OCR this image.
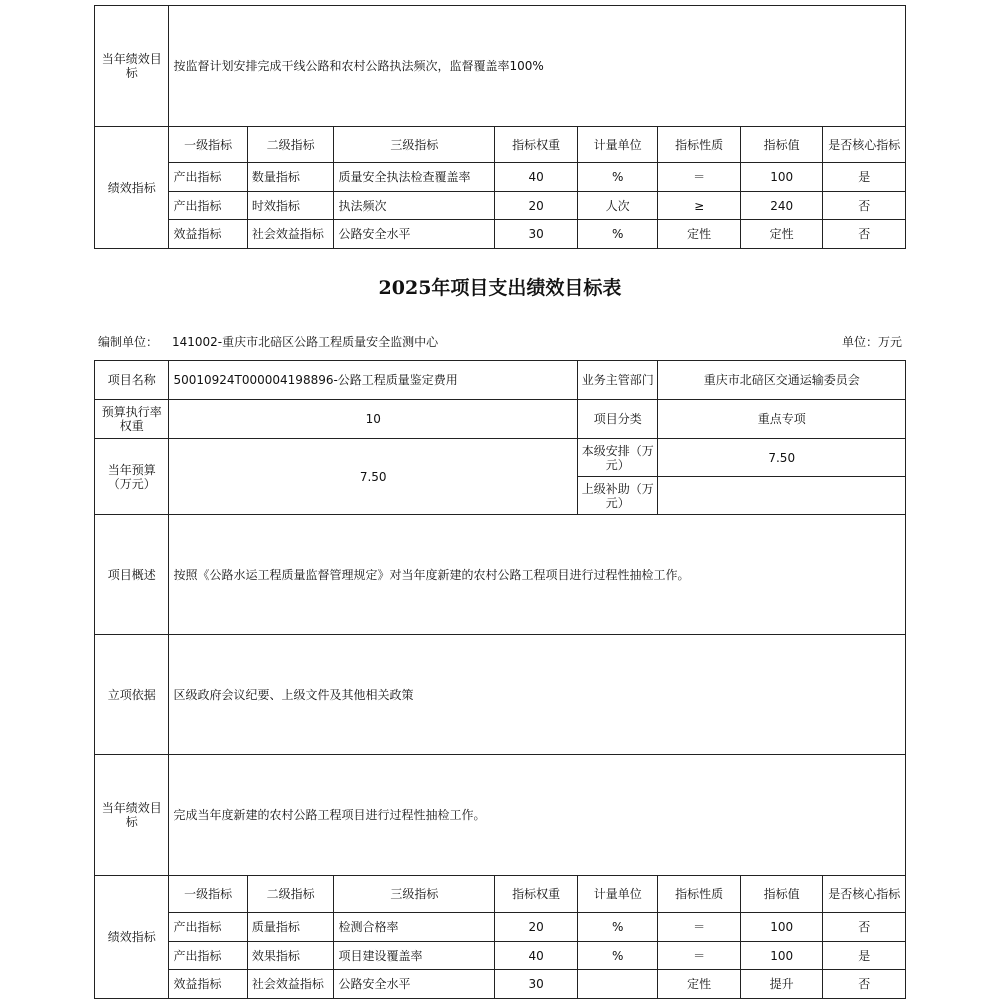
当年绩效目标	按监督计划安排完成干线公路和农村公路执法频次，监督覆盖率100%							
绩效指标	一级指标	二级指标	三级指标	指标权重	计量单位	指标性质	指标值	是否核心指标
	产出指标	数量指标	质量安全执法检查覆盖率	40	%	＝	100	是
	产出指标	时效指标	执法频次	20	人次	≥	240	否
	效益指标	社会效益指标	公路安全水平	30	%	定性	定性	否
2025年项目支出绩效目标表
编制单位： 141002-重庆市北碚区公路工程质量安全监测中心	单位：万元
项目名称	50010924T000004198896-公路工程质量鉴定费用				业务主管部门	重庆市北碚区交通运输委员会		
预算执行率权重	10				项目分类	重点专项		
当年预算（万元）	7.50				本级安排（万元）	7.50		
					上级补助（万元）			
项目概述	按照《公路水运工程质量监督管理规定》对当年度新建的农村公路工程项目进行过程性抽检工作。							
立项依据	区级政府会议纪要、上级文件及其他相关政策							
当年绩效目标	完成当年度新建的农村公路工程项目进行过程性抽检工作。							
绩效指标	一级指标	二级指标	三级指标	指标权重	计量单位	指标性质	指标值	是否核心指标
	产出指标	质量指标	检测合格率	20	%	＝	100	否
	产出指标	效果指标	项目建设覆盖率	40	%	＝	100	是
	效益指标	社会效益指标	公路安全水平	30		定性	提升	否
